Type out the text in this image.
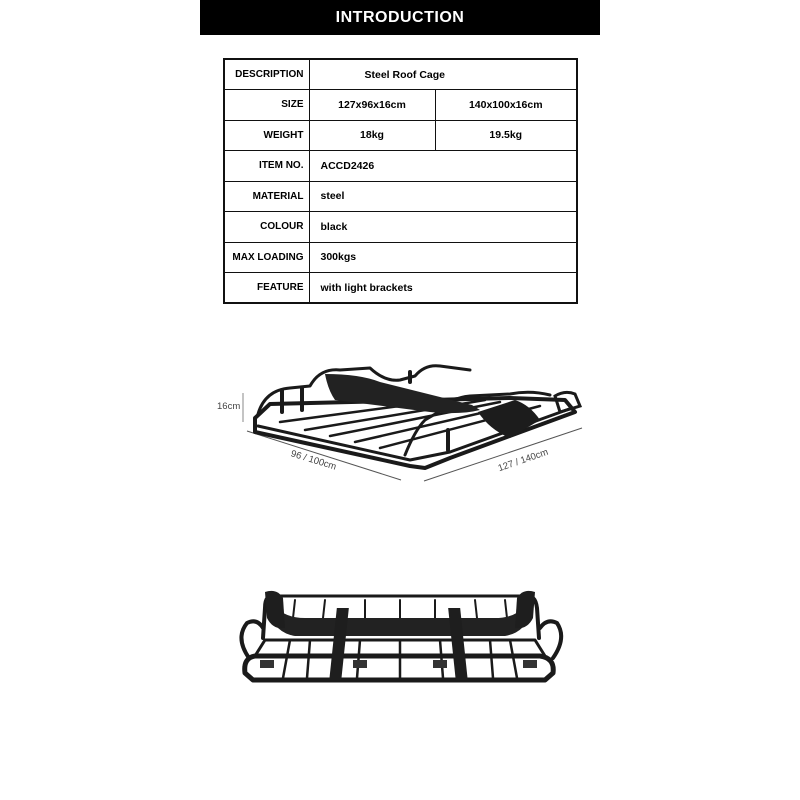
INTRODUCTION
DESCRIPTION	Steel Roof Cage	
SIZE	127x96x16cm	140x100x16cm
WEIGHT	18kg	19.5kg
ITEM NO.	ACCD2426	
MATERIAL	steel	
COLOUR	black	
MAX LOADING	300kgs	
FEATURE	with light brackets	
16cm
96 / 100cm	127 / 140cm
